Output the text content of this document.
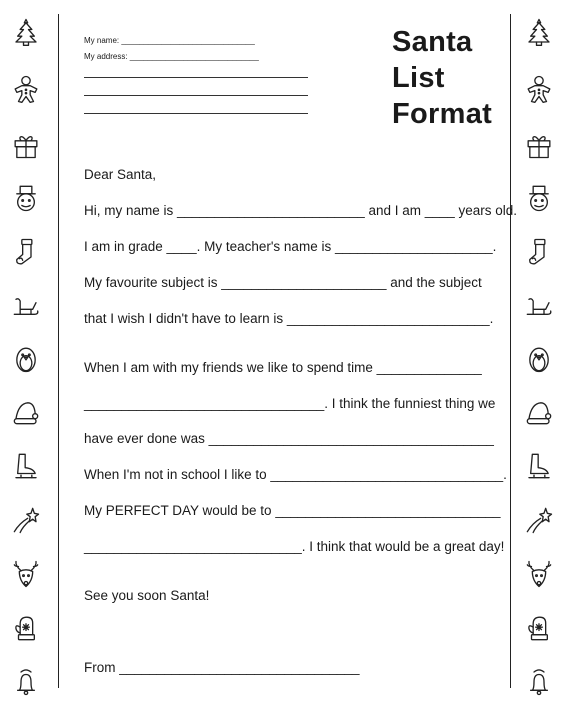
My name: ______________________________
My address: _____________________________	Santa
List
Format
Dear Santa,
Hi, my name is _________________________ and I am ____ years old.
I am in grade ____. My teacher's name is _____________________.
My favourite subject is ______________________ and the subject
that I wish I didn't have to learn is ___________________________.
When I am with my friends we like to spend time ______________
________________________________. I think the funniest thing we
have ever done was ______________________________________
When I'm not in school I like to _______________________________.
My PERFECT DAY would be to ______________________________
_____________________________. I think that would be a great day!
See you soon Santa!
From ________________________________
